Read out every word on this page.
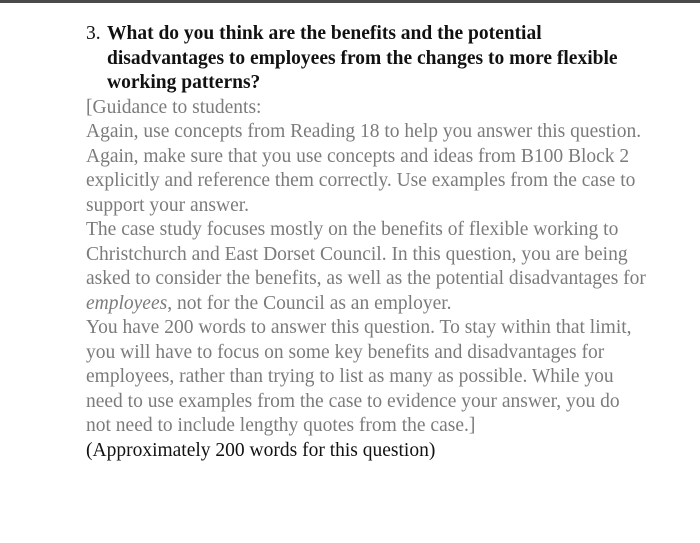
3. What do you think are the benefits and the potential disadvantages to employees from the changes to more flexible working patterns?

[Guidance to students:

Again, use concepts from Reading 18 to help you answer this question. Again, make sure that you use concepts and ideas from B100 Block 2 explicitly and reference them correctly. Use examples from the case to support your answer.

The case study focuses mostly on the benefits of flexible working to Christchurch and East Dorset Council. In this question, you are being asked to consider the benefits, as well as the potential disadvantages for employees, not for the Council as an employer.

You have 200 words to answer this question. To stay within that limit, you will have to focus on some key benefits and disadvantages for employees, rather than trying to list as many as possible. While you need to use examples from the case to evidence your answer, you do not need to include lengthy quotes from the case.]

(Approximately 200 words for this question)
